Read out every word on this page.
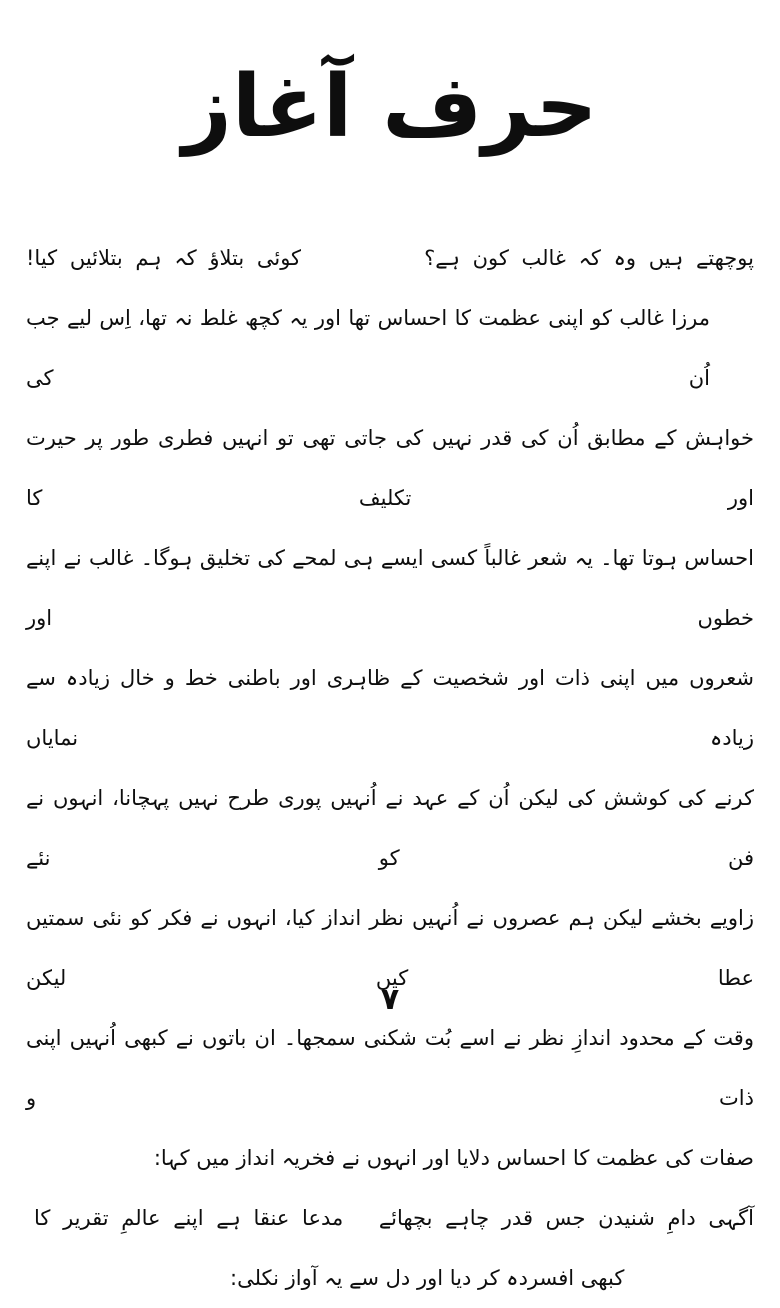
حرف آغاز
پوچھتے ہیں وہ کہ غالب کون ہے؟
کوئی بتلاؤ کہ ہم بتلائیں کیا!
مرزا غالب کو اپنی عظمت کا احساس تھا اور یہ کچھ غلط نہ تھا، اِس لیے جب اُن کی
خواہش کے مطابق اُن کی قدر نہیں کی جاتی تھی تو انہیں فطری طور پر حیرت اور تکلیف کا
احساس ہوتا تھا۔ یہ شعر غالباً کسی ایسے ہی لمحے کی تخلیق ہوگا۔ غالب نے اپنے خطوں اور
شعروں میں اپنی ذات اور شخصیت کے ظاہری اور باطنی خط و خال زیادہ سے زیادہ نمایاں
کرنے کی کوشش کی لیکن اُن کے عہد نے اُنہیں پوری طرح نہیں پہچانا، انہوں نے فن کو نئے
زاویے بخشے لیکن ہم عصروں نے اُنہیں نظر انداز کیا، انہوں نے فکر کو نئی سمتیں عطا کیں لیکن
وقت کے محدود اندازِ نظر نے اسے بُت شکنی سمجھا۔ ان باتوں نے کبھی اُنہیں اپنی ذات و
صفات کی عظمت کا احساس دلایا اور انہوں نے فخریہ انداز میں کہا:
آگہی دامِ شنیدن جس قدر چاہے بچھائے
مدعا عنقا ہے اپنے عالمِ تقریر کا
کبھی افسردہ کر دیا اور دل سے یہ آواز نکلی:
۷
